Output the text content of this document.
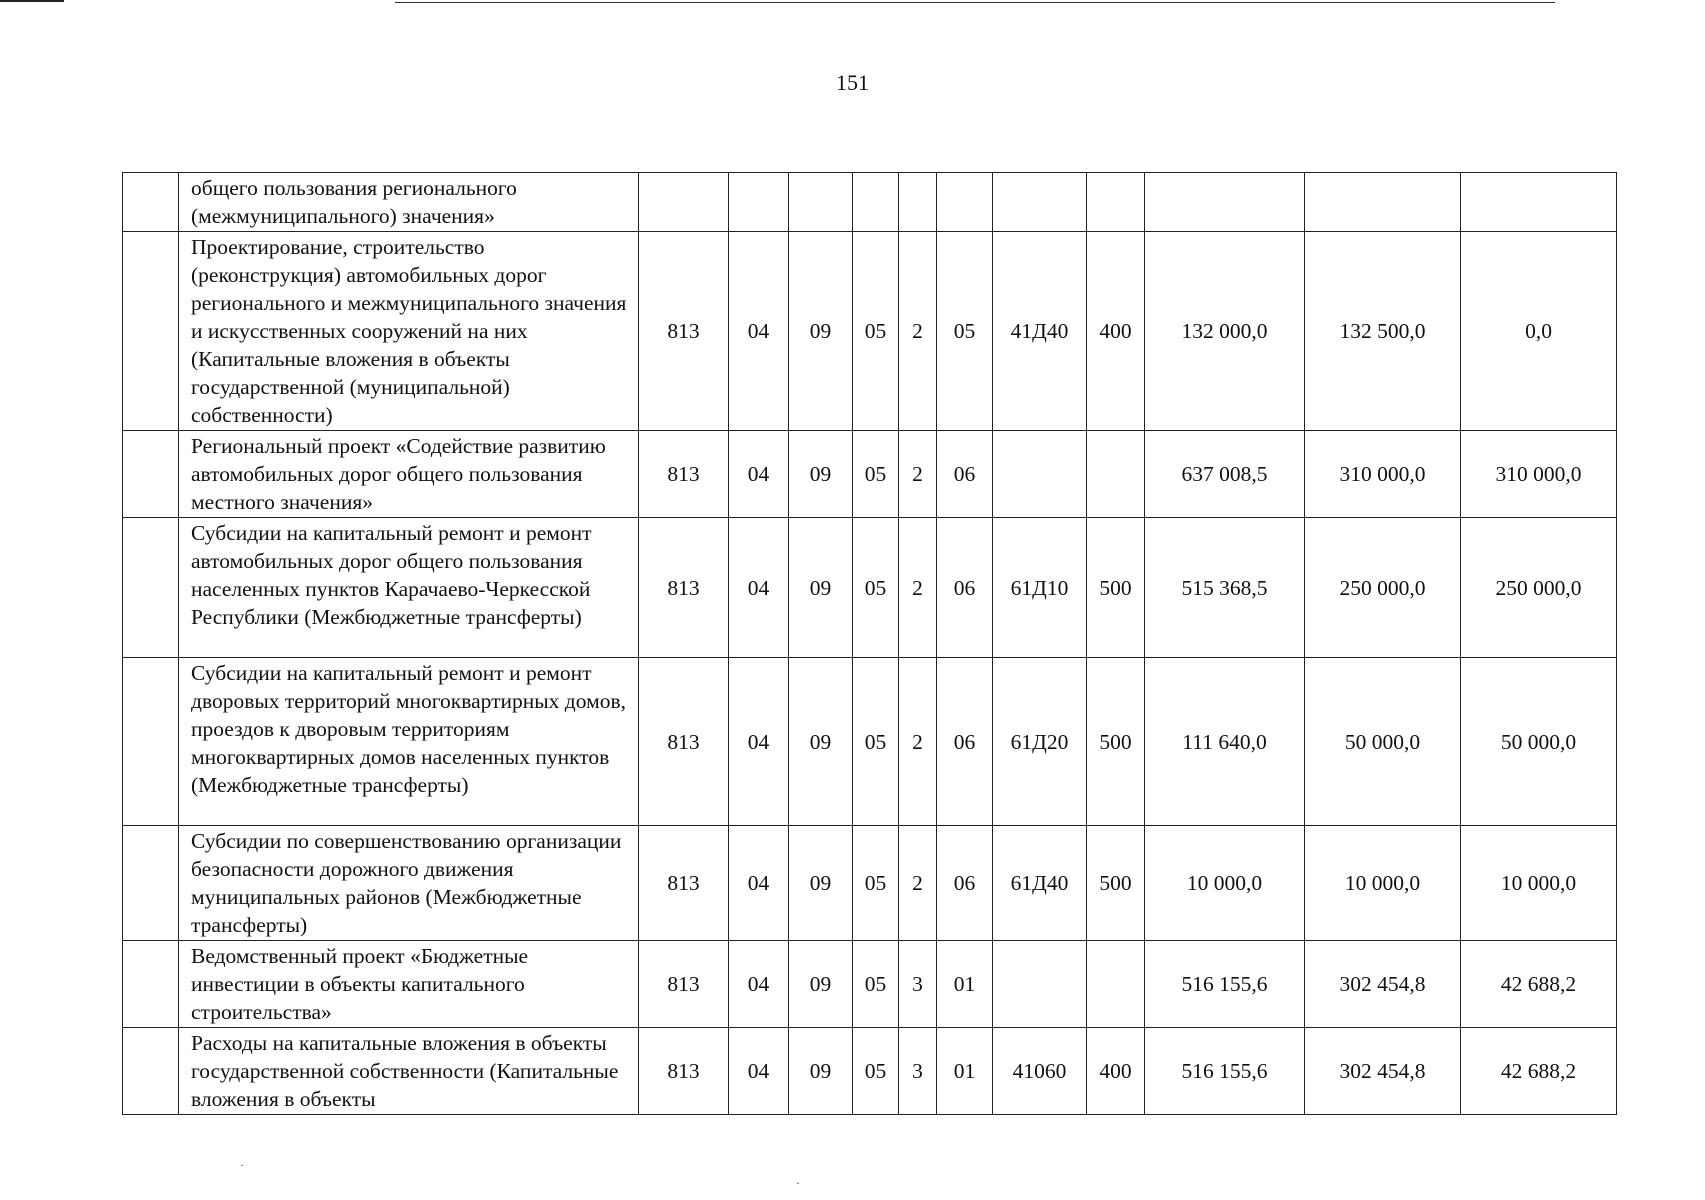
151
	общего пользования регионального (межмуниципального) значения»											
	Проектирование, строительство (реконструкция) автомобильных дорог регионального и межмуниципального значения и искусственных сооружений на них (Капитальные вложения в объекты государственной (муниципальной) собственности)	813	04	09	05	2	05	41Д40	400	132 000,0	132 500,0	0,0
	Региональный проект «Содействие развитию автомобильных дорог общего пользования местного значения»	813	04	09	05	2	06			637 008,5	310 000,0	310 000,0
	Субсидии на капитальный ремонт и ремонт автомобильных дорог общего пользования населенных пунктов Карачаево-Черкесской Республики (Межбюджетные трансферты)	813	04	09	05	2	06	61Д10	500	515 368,5	250 000,0	250 000,0
	Субсидии на капитальный ремонт и ремонт дворовых территорий многоквартирных домов, проездов к дворовым территориям многоквартирных домов населенных пунктов (Межбюджетные трансферты)	813	04	09	05	2	06	61Д20	500	111 640,0	50 000,0	50 000,0
	Субсидии по совершенствованию организации безопасности дорожного движения муниципальных районов (Межбюджетные трансферты)	813	04	09	05	2	06	61Д40	500	10 000,0	10 000,0	10 000,0
	Ведомственный проект «Бюджетные инвестиции в объекты капитального строительства»	813	04	09	05	3	01			516 155,6	302 454,8	42 688,2
	Расходы на капитальные вложения в объекты государственной собственности (Капитальные вложения в объекты	813	04	09	05	3	01	41060	400	516 155,6	302 454,8	42 688,2
·
·
